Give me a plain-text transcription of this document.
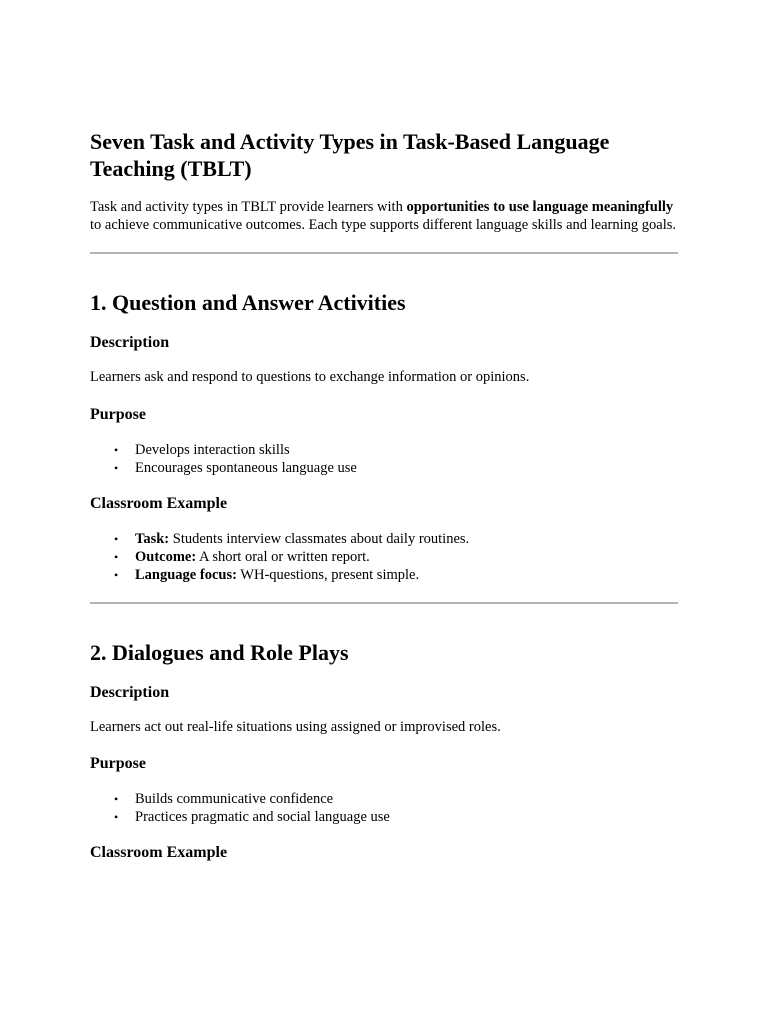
Seven Task and Activity Types in Task-Based Language Teaching (TBLT)

Task and activity types in TBLT provide learners with opportunities to use language meaningfully to achieve communicative outcomes. Each type supports different language skills and learning goals.

1. Question and Answer Activities
Description

Learners ask and respond to questions to exchange information or opinions.

Purpose
• Develops interaction skills
• Encourages spontaneous language use
Classroom Example
• Task: Students interview classmates about daily routines.
• Outcome: A short oral or written report.
• Language focus: WH-questions, present simple.
2. Dialogues and Role Plays
Description

Learners act out real-life situations using assigned or improvised roles.

Purpose
• Builds communicative confidence
• Practices pragmatic and social language use
Classroom Example
